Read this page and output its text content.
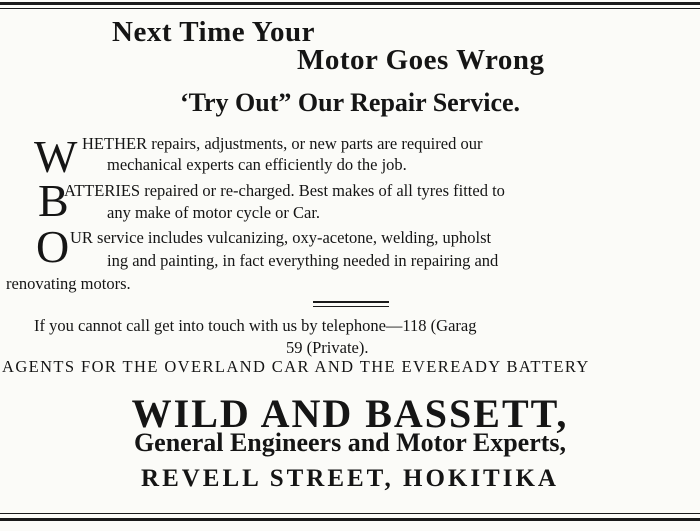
Next Time Your
Motor Goes Wrong
‘Try Out” Our Repair Service.
W HETHER repairs, adjustments, or new parts are required our
mechanical experts can efficiently do the job.
B
ATTERIES repaired or re-charged. Best makes of all tyres fitted to
any make of motor cycle or Car.
O UR service includes vulcanizing, oxy-acetone, welding, upholst
ing and painting, in fact everything needed in repairing and
renovating motors.
If you cannot call get into touch with us by telephone—118 (Garag
59 (Private).
AGENTS FOR THE OVERLAND CAR AND THE EVEREADY BATTERY
WILD AND BASSETT,
General Engineers and Motor Experts,
REVELL STREET, HOKITIKA
